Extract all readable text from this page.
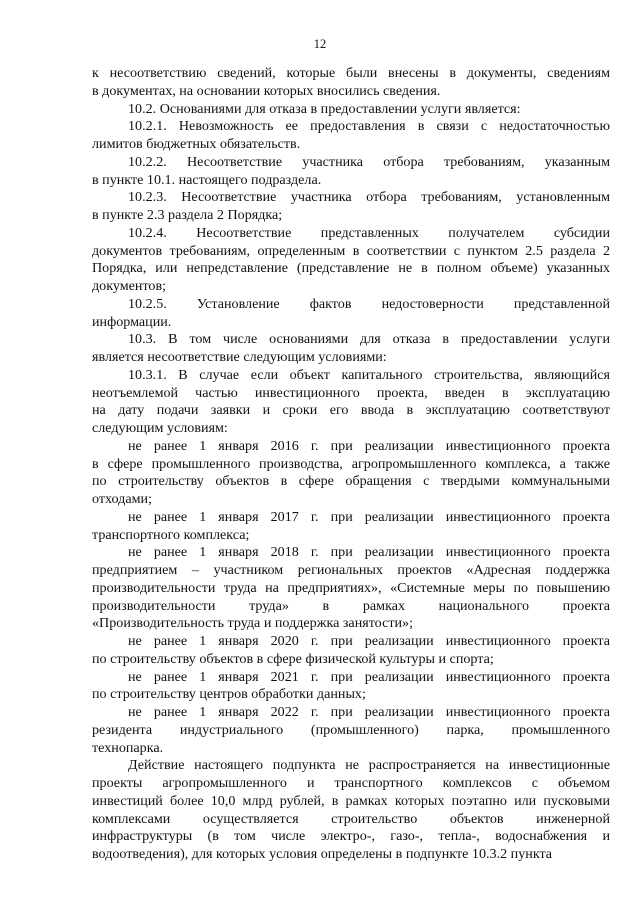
12
к несоответствию сведений, которые были внесены в документы, сведениям
в документах, на основании которых вносились сведения.
10.2. Основаниями для отказа в предоставлении услуги является:
10.2.1. Невозможность ее предоставления в связи с недостаточностью
лимитов бюджетных обязательств.
10.2.2. Несоответствие участника отбора требованиям, указанным
в пункте 10.1. настоящего подраздела.
10.2.3. Несоответствие участника отбора требованиям, установленным
в пункте 2.3 раздела 2 Порядка;
10.2.4. Несоответствие представленных получателем субсидии
документов требованиям, определенным в соответствии с пунктом 2.5 раздела 2
Порядка, или непредставление (представление не в полном объеме) указанных
документов;
10.2.5. Установление фактов недостоверности представленной
информации.
10.3. В том числе основаниями для отказа в предоставлении услуги
является несоответствие следующим условиями:
10.3.1. В случае если объект капитального строительства, являющийся
неотъемлемой частью инвестиционного проекта, введен в эксплуатацию
на дату подачи заявки и сроки его ввода в эксплуатацию соответствуют
следующим условиям:
не ранее 1 января 2016 г. при реализации инвестиционного проекта
в сфере промышленного производства, агропромышленного комплекса, а также
по строительству объектов в сфере обращения с твердыми коммунальными
отходами;
не ранее 1 января 2017 г. при реализации инвестиционного проекта
транспортного комплекса;
не ранее 1 января 2018 г. при реализации инвестиционного проекта
предприятием – участником региональных проектов «Адресная поддержка
производительности труда на предприятиях», «Системные меры по повышению
производительности труда» в рамках национального проекта
«Производительность труда и поддержка занятости»;
не ранее 1 января 2020 г. при реализации инвестиционного проекта
по строительству объектов в сфере физической культуры и спорта;
не ранее 1 января 2021 г. при реализации инвестиционного проекта
по строительству центров обработки данных;
не ранее 1 января 2022 г. при реализации инвестиционного проекта
резидента индустриального (промышленного) парка, промышленного
технопарка.
Действие настоящего подпункта не распространяется на инвестиционные
проекты агропромышленного и транспортного комплексов с объемом
инвестиций более 10,0 млрд рублей, в рамках которых поэтапно или пусковыми
комплексами осуществляется строительство объектов инженерной
инфраструктуры (в том числе электро-, газо-, тепла-, водоснабжения и
водоотведения), для которых условия определены в подпункте 10.3.2 пункта
